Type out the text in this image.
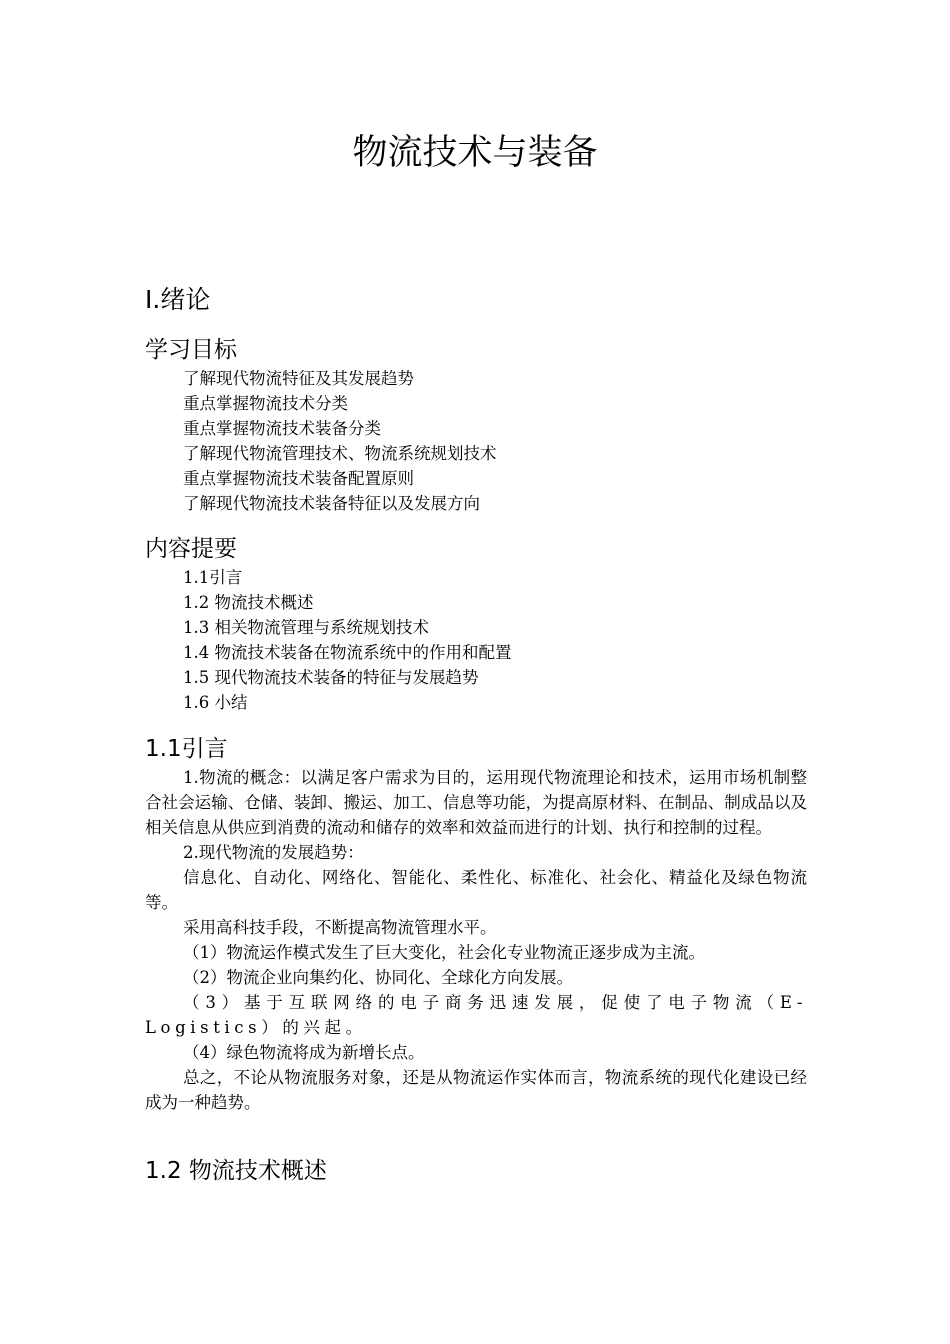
物流技术与装备
Ⅰ.绪论
学习目标
了解现代物流特征及其发展趋势
重点掌握物流技术分类
重点掌握物流技术装备分类
了解现代物流管理技术、物流系统规划技术
重点掌握物流技术装备配置原则
了解现代物流技术装备特征以及发展方向
内容提要
1.1引言
1.2 物流技术概述
1.3 相关物流管理与系统规划技术
1.4 物流技术装备在物流系统中的作用和配置
1.5 现代物流技术装备的特征与发展趋势
1.6 小结
1.1引言

1.物流的概念：以满足客户需求为目的，运用现代物流理论和技术，运用市场机制整合社会运输、仓储、装卸、搬运、加工、信息等功能，为提高原材料、在制品、制成品以及相关信息从供应到消费的流动和储存的效率和效益而进行的计划、执行和控制的过程。

2.现代物流的发展趋势：

信息化、自动化、网络化、智能化、柔性化、标准化、社会化、精益化及绿色物流等。

采用高科技手段，不断提高物流管理水平。

（1）物流运作模式发生了巨大变化，社会化专业物流正逐步成为主流。

（2）物流企业向集约化、协同化、全球化方向发展。

（3）基于互联网络的电子商务迅速发展，促使了电子物流（E-Logistics）的兴起。

（4）绿色物流将成为新增长点。

总之，不论从物流服务对象，还是从物流运作实体而言，物流系统的现代化建设已经成为一种趋势。

1.2 物流技术概述
